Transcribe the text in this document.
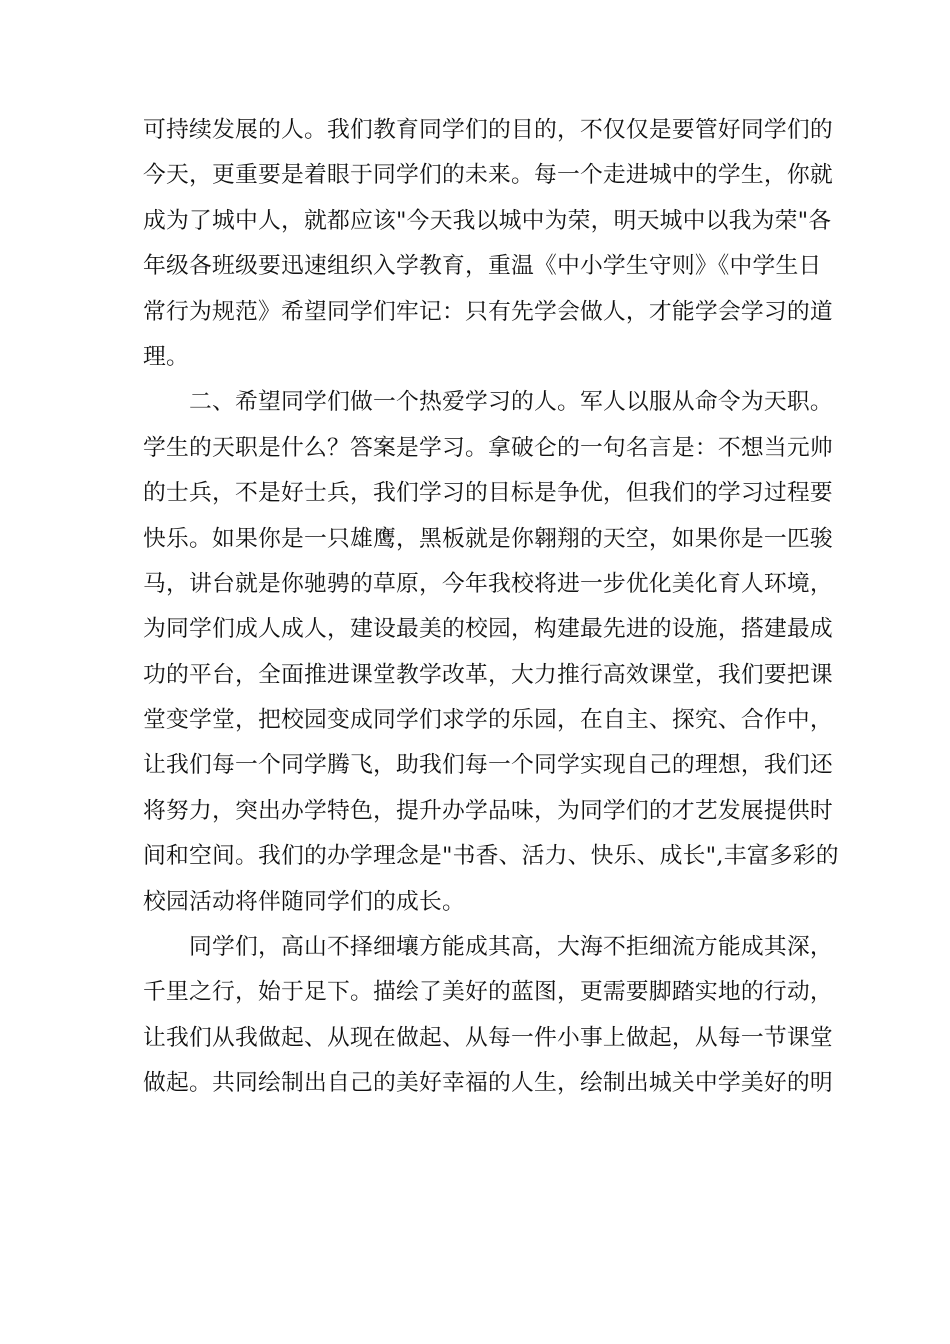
可持续发展的人。我们教育同学们的目的，不仅仅是要管好同学们的
今天，更重要是着眼于同学们的未来。每一个走进城中的学生，你就
成为了城中人，就都应该"今天我以城中为荣，明天城中以我为荣"各
年级各班级要迅速组织入学教育，重温《中小学生守则》《中学生日
常行为规范》希望同学们牢记：只有先学会做人，才能学会学习的道
理。
二、希望同学们做一个热爱学习的人。军人以服从命令为天职。
学生的天职是什么？答案是学习。拿破仑的一句名言是：不想当元帅
的士兵，不是好士兵，我们学习的目标是争优，但我们的学习过程要
快乐。如果你是一只雄鹰，黑板就是你翱翔的天空，如果你是一匹骏
马，讲台就是你驰骋的草原，今年我校将进一步优化美化育人环境，
为同学们成人成人，建设最美的校园，构建最先进的设施，搭建最成
功的平台，全面推进课堂教学改革，大力推行高效课堂，我们要把课
堂变学堂，把校园变成同学们求学的乐园，在自主、探究、合作中，
让我们每一个同学腾飞，助我们每一个同学实现自己的理想，我们还
将努力，突出办学特色，提升办学品味，为同学们的才艺发展提供时
间和空间。我们的办学理念是"书香、活力、快乐、成长",丰富多彩的
校园活动将伴随同学们的成长。
同学们，高山不择细壤方能成其高，大海不拒细流方能成其深，
千里之行，始于足下。描绘了美好的蓝图，更需要脚踏实地的行动，
让我们从我做起、从现在做起、从每一件小事上做起，从每一节课堂
做起。共同绘制出自己的美好幸福的人生，绘制出城关中学美好的明
